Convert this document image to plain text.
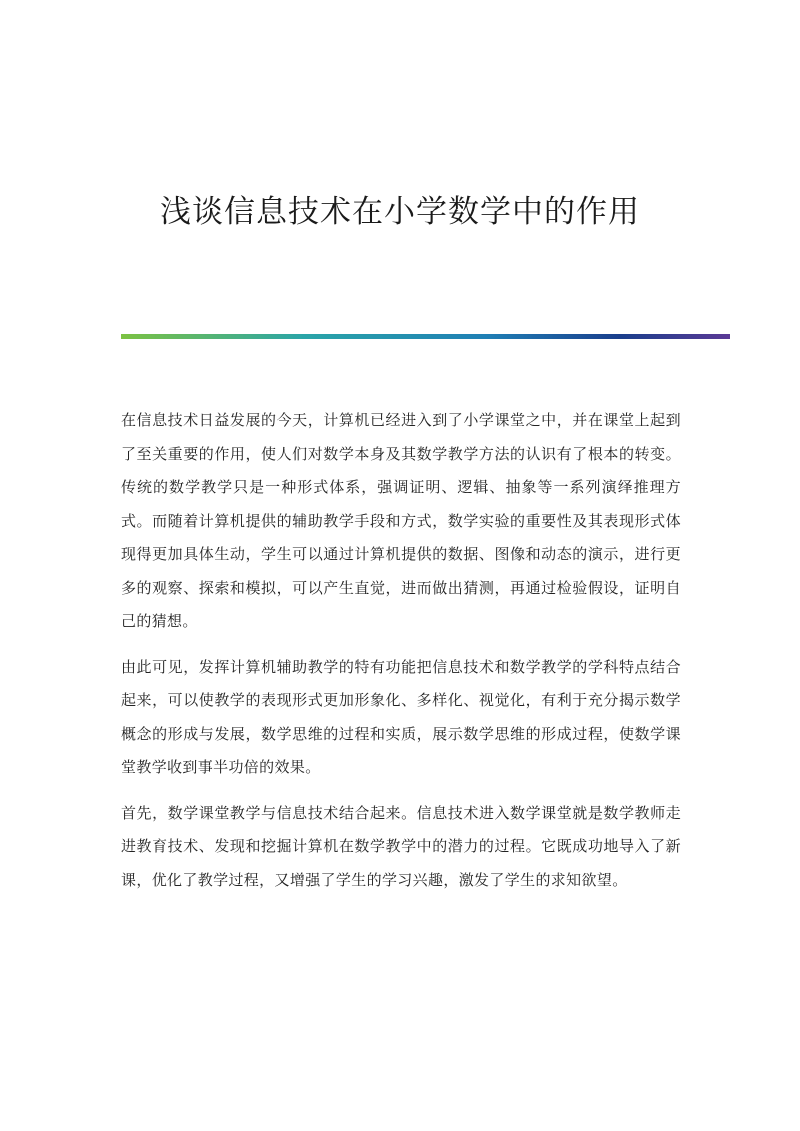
浅谈信息技术在小学数学中的作用

在信息技术日益发展的今天，计算机已经进入到了小学课堂之中，并在课堂上起到了至关重要的作用，使人们对数学本身及其数学教学方法的认识有了根本的转变。传统的数学教学只是一种形式体系，强调证明、逻辑、抽象等一系列演绎推理方式。而随着计算机提供的辅助教学手段和方式，数学实验的重要性及其表现形式体现得更加具体生动，学生可以通过计算机提供的数据、图像和动态的演示，进行更多的观察、探索和模拟，可以产生直觉，进而做出猜测，再通过检验假设，证明自己的猜想。

由此可见，发挥计算机辅助教学的特有功能把信息技术和数学教学的学科特点结合起来，可以使教学的表现形式更加形象化、多样化、视觉化，有利于充分揭示数学概念的形成与发展，数学思维的过程和实质，展示数学思维的形成过程，使数学课堂教学收到事半功倍的效果。

首先，数学课堂教学与信息技术结合起来。信息技术进入数学课堂就是数学教师走进教育技术、发现和挖掘计算机在数学教学中的潜力的过程。它既成功地导入了新课，优化了教学过程，又增强了学生的学习兴趣，激发了学生的求知欲望。
